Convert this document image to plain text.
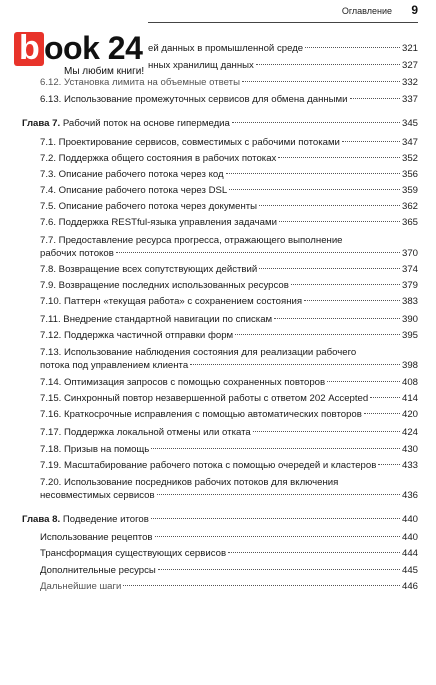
Оглавление 9
ей данных в промышленной среде	321
нных хранилищ данных	327
6.12. Установка лимита на объемные ответы	332
6.13. Использование промежуточных сервисов для обмена данными	337
Глава 7. Рабочий поток на основе гипермедиа	345
7.1. Проектирование сервисов, совместимых с рабочими потоками	347
7.2. Поддержка общего состояния в рабочих потоках	352
7.3. Описание рабочего потока через код	356
7.4. Описание рабочего потока через DSL	359
7.5. Описание рабочего потока через документы	362
7.6. Поддержка RESTful-языка управления задачами	365
7.7. Предоставление ресурса прогресса, отражающего выполнение
рабочих потоков	370
7.8. Возвращение всех сопутствующих действий	374
7.9. Возвращение последних использованных ресурсов	379
7.10. Паттерн «текущая работа» с сохранением состояния	383
7.11. Внедрение стандартной навигации по спискам	390
7.12. Поддержка частичной отправки форм	395
7.13. Использование наблюдения состояния для реализации рабочего
потока под управлением клиента	398
7.14. Оптимизация запросов с помощью сохраненных повторов	408
7.15. Синхронный повтор незавершенной работы с ответом 202 Accepted	414
7.16. Краткосрочные исправления с помощью автоматических повторов	420
7.17. Поддержка локальной отмены или отката	424
7.18. Призыв на помощь	430
7.19. Масштабирование рабочего потока с помощью очередей и кластеров	433
7.20. Использование посредников рабочих потоков для включения
несовместимых сервисов	436
Глава 8. Подведение итогов	440
Использование рецептов	440
Трансформация существующих сервисов	444
Дополнительные ресурсы	445
Дальнейшие шаги	446
b ook 24
Мы любим книги!
